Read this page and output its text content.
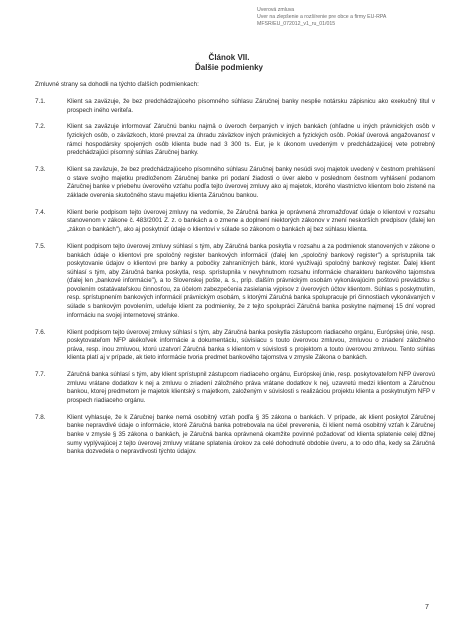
Úverová zmluva
Úver na zlepšenie a rozšírenie pre obce a firmy EU-RPA
MFSR/EU_072012_v1_ru_01/015
Článok VII.
Ďalšie podmienky
Zmluvné strany sa dohodli na týchto ďalších podmienkach:
7.1.	Klient sa zaväzuje, že bez predchádzajúceho písomného súhlasu Záručnej banky nesplie notársku zápisnicu ako exekučný titul v prospech iného veriteľa.

7.2.	Klient sa zaväzuje informovať Záručnú banku najmä o úveroch čerpaných v iných bankách (ohľadne u iných právnických osôb v fyzických osôb, o záväzkoch, ktoré prevzal za úhradu záväzkov iných právnických a fyzických osôb. Pokiaľ úverová angažovanosť v rámci hospodársky spojených osôb klienta bude nad 3 300 ts. Eur, je k úkonom uvedeným v predchádzajúcej vete potrebný predchádzajúci písomný súhlas Záručnej banky.

7.3.	Klient sa zaväzuje, že bez predchádzajúceho písomného súhlasu Záručnej banky nesúdi svoj majetok uvedený v čestnom prehlásení o stave svojho majetku predloženom Záručnej banke pri podaní žiadosti o úver alebo v poslednom čestnom vyhlásení podanom Záručnej banke v priebehu úverového vzťahu podľa tejto úverovej zmluvy ako aj majetok, ktorého vlastníctvo klientom bolo zistené na základe overenia skutočného stavu majetku klienta Záručnou bankou.

7.4.	Klient berie podpisom tejto úverovej zmluvy na vedomie, že Záručná banka je oprávnená zhromažďovať údaje o klientovi v rozsahu stanovenom v zákone č. 483/2001 Z. z. o bankách a o zmene a doplnení niektorých zákonov v znení neskorších predpisov (ďalej len „zákon o bankách"), ako aj poskytnúť údaje o klientovi v súlade so zákonom o bankách aj bez súhlasu klienta.

7.5.	Klient podpisom tejto úverovej zmluvy súhlasí s tým, aby Záručná banka poskytla v rozsahu a za podmienok stanovených v zákone o bankách údaje o klientovi pre spoločný register bankových informácií (ďalej len „spoločný bankový register") a sprístupnila tak poskytovanie údajov o klientovi pre banky a pobočky zahraničných bánk, ktoré využívajú spoločný bankový register. Ďalej klient súhlasí s tým, aby Záručná banka poskytla, resp. sprístupnila v nevyhnutnom rozsahu informácie charakteru bankového tajomstva (ďalej len „bankové informácie"), a to Slovenskej pošte, a. s., príp. ďalším právnickým osobám vykonávajúcim poštovú prevádzku s povolením ostatávateľskou činnosťou, za účelom zabezpečenia zasielania výpisov z úverových účtov klientom. Súhlas s poskytnutím, resp. sprístupnením bankových informácií právnickým osobám, s ktorými Záručná banka spolupracuje pri činnostiach vykonávaných v súlade s bankovým povolením, udeľuje klient za podmienky, že z tejto spolupráci Záručná banka poskytne najmenej 15 dní vopred informáciu na svojej internetovej stránke.

7.6.	Klient podpisom tejto úverovej zmluvy súhlasí s tým, aby Záručná banka poskytla zástupcom riadiaceho orgánu, Európskej únie, resp. poskytovateľom NFP akékoľvek informácie a dokumentáciu, súvisiacu s touto úverovou zmluvou, zmluvou o zriadení záložného práva, resp. inou zmluvou, ktorú uzatvorí Záručná banka s klientom v súvislosti s projektom a touto úverovou zmluvou. Tento súhlas klienta platí aj v prípade, ak tieto informácie tvoria predmet bankového tajomstva v zmysle Zákona o bankách.

7.7.	Záručná banka súhlasí s tým, aby klient sprístupnil zástupcom riadiaceho orgánu, Európskej únie, resp. poskytovateľom NFP úverovú zmluvu vrátane dodatkov k nej a zmluvu o zriadení záložného práva vrátane dodatkov k nej, uzavretú medzi klientom a Záručnou bankou, ktorej predmetom je majetok klientský s majetkom, založeným v súvislosti s realizáciou projektu klienta a poskytnutým NFP v prospech riadiaceho orgánu.

7.8.	Klient vyhlasuje, že k Záručnej banke nemá osobitný vzťah podľa § 35 zákona o bankách. V prípade, ak klient poskytol Záručnej banke nepravdivé údaje o informácie, ktoré Záručná banka potrebovala na účel preverenia, či klient nemá osobitný vzťah k Záručnej banke v zmysle § 35 zákona o bankách, je Záručná banka oprávnená okamžite povinné požadovať od klienta splatenie celej dlžnej sumy vyplývajúcej z tejto úverovej zmluvy vrátane splatenia úrokov za celé dohodnuté obdobie úveru, a to odo dňa, kedy sa Záručná banka dozvedela o nepravdivosti týchto údajov.

7
